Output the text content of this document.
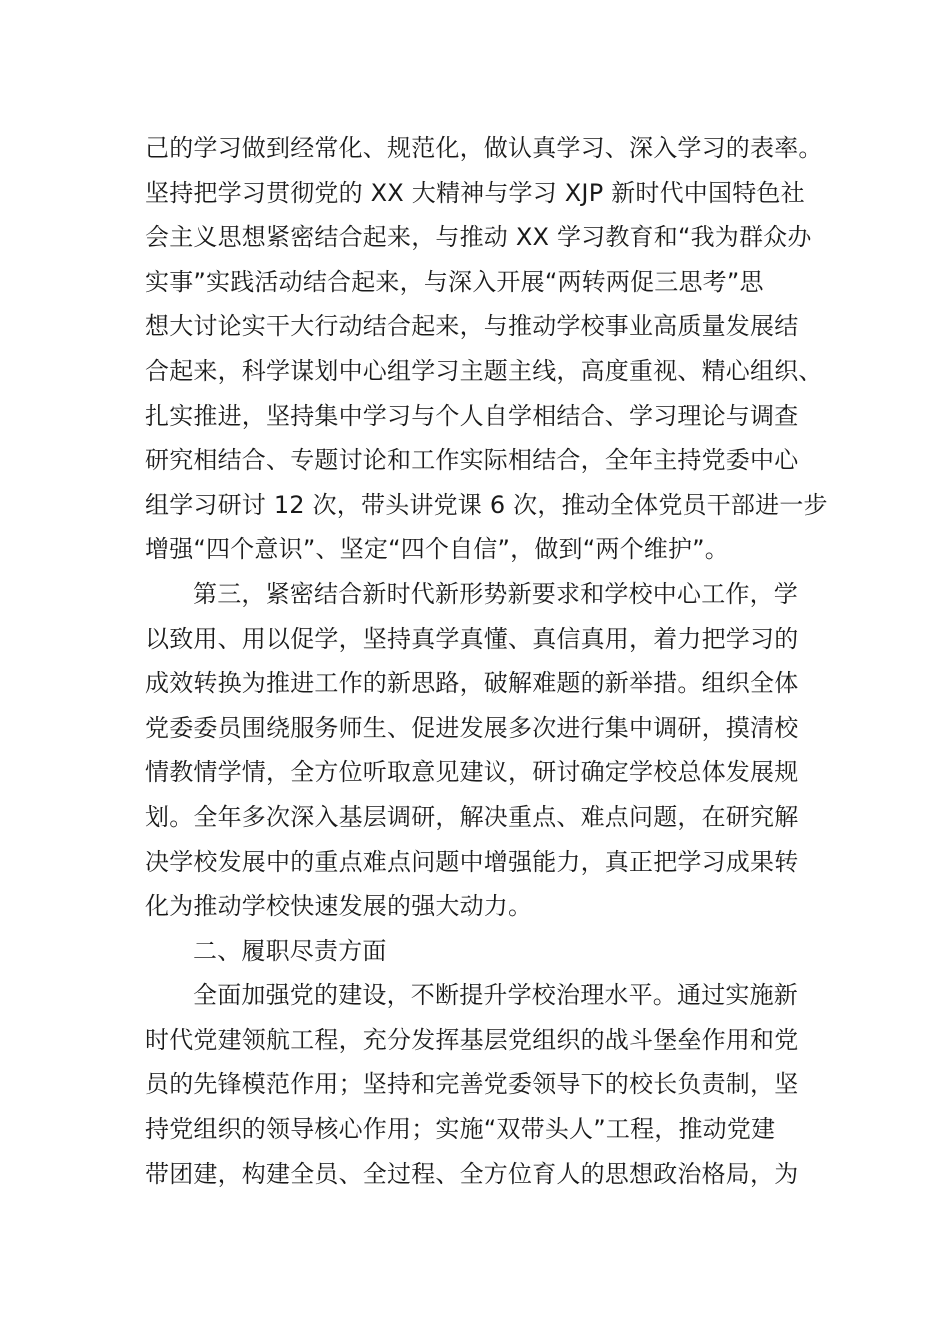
己的学习做到经常化、规范化，做认真学习、深入学习的表率。
坚持把学习贯彻党的 XX 大精神与学习 XJP 新时代中国特色社
会主义思想紧密结合起来，与推动 XX 学习教育和“我为群众办
实事”实践活动结合起来，与深入开展“两转两促三思考”思
想大讨论实干大行动结合起来，与推动学校事业高质量发展结
合起来，科学谋划中心组学习主题主线，高度重视、精心组织、
扎实推进，坚持集中学习与个人自学相结合、学习理论与调查
研究相结合、专题讨论和工作实际相结合，全年主持党委中心
组学习研讨 12 次，带头讲党课 6 次，推动全体党员干部进一步
增强“四个意识”、坚定“四个自信”，做到“两个维护”。
第三，紧密结合新时代新形势新要求和学校中心工作，学
以致用、用以促学，坚持真学真懂、真信真用，着力把学习的
成效转换为推进工作的新思路，破解难题的新举措。组织全体
党委委员围绕服务师生、促进发展多次进行集中调研，摸清校
情教情学情，全方位听取意见建议，研讨确定学校总体发展规
划。全年多次深入基层调研，解决重点、难点问题，在研究解
决学校发展中的重点难点问题中增强能力，真正把学习成果转
化为推动学校快速发展的强大动力。
二、履职尽责方面
全面加强党的建设，不断提升学校治理水平。通过实施新
时代党建领航工程，充分发挥基层党组织的战斗堡垒作用和党
员的先锋模范作用；坚持和完善党委领导下的校长负责制，坚
持党组织的领导核心作用；实施“双带头人”工程，推动党建
带团建，构建全员、全过程、全方位育人的思想政治格局，为
